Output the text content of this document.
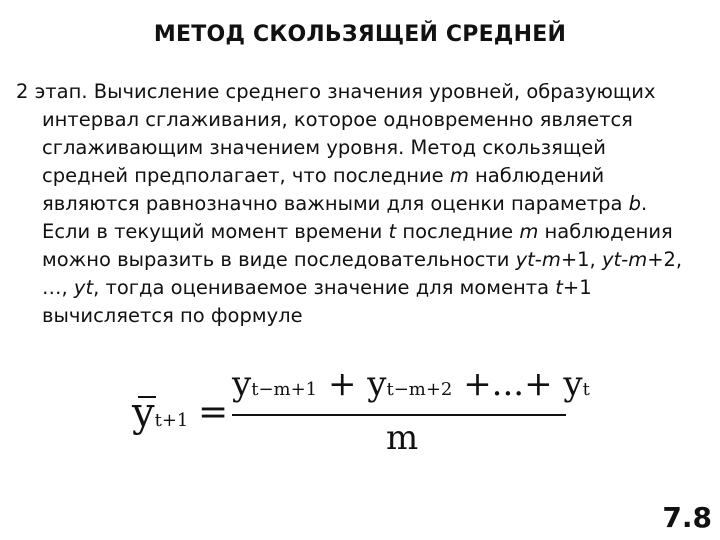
МЕТОД СКОЛЬЗЯЩЕЙ СРЕДНЕЙ
2 этап. Вычисление среднего значения уровней, образующих
интервал сглаживания, которое одновременно является
сглаживающим значением уровня. Метод скользящей
средней предполагает, что последние m наблюдений
являются равнозначно важными для оценки параметра b.
Если в текущий момент времени t последние m наблюдения
можно выразить в виде последовательности yt-m+1, yt-m+2,
…, yt, тогда оцениваемое значение для момента t+1
вычисляется по формуле
yt+1 =
yt−m+1 + yt−m+2 +...+ yt
m
7.8
